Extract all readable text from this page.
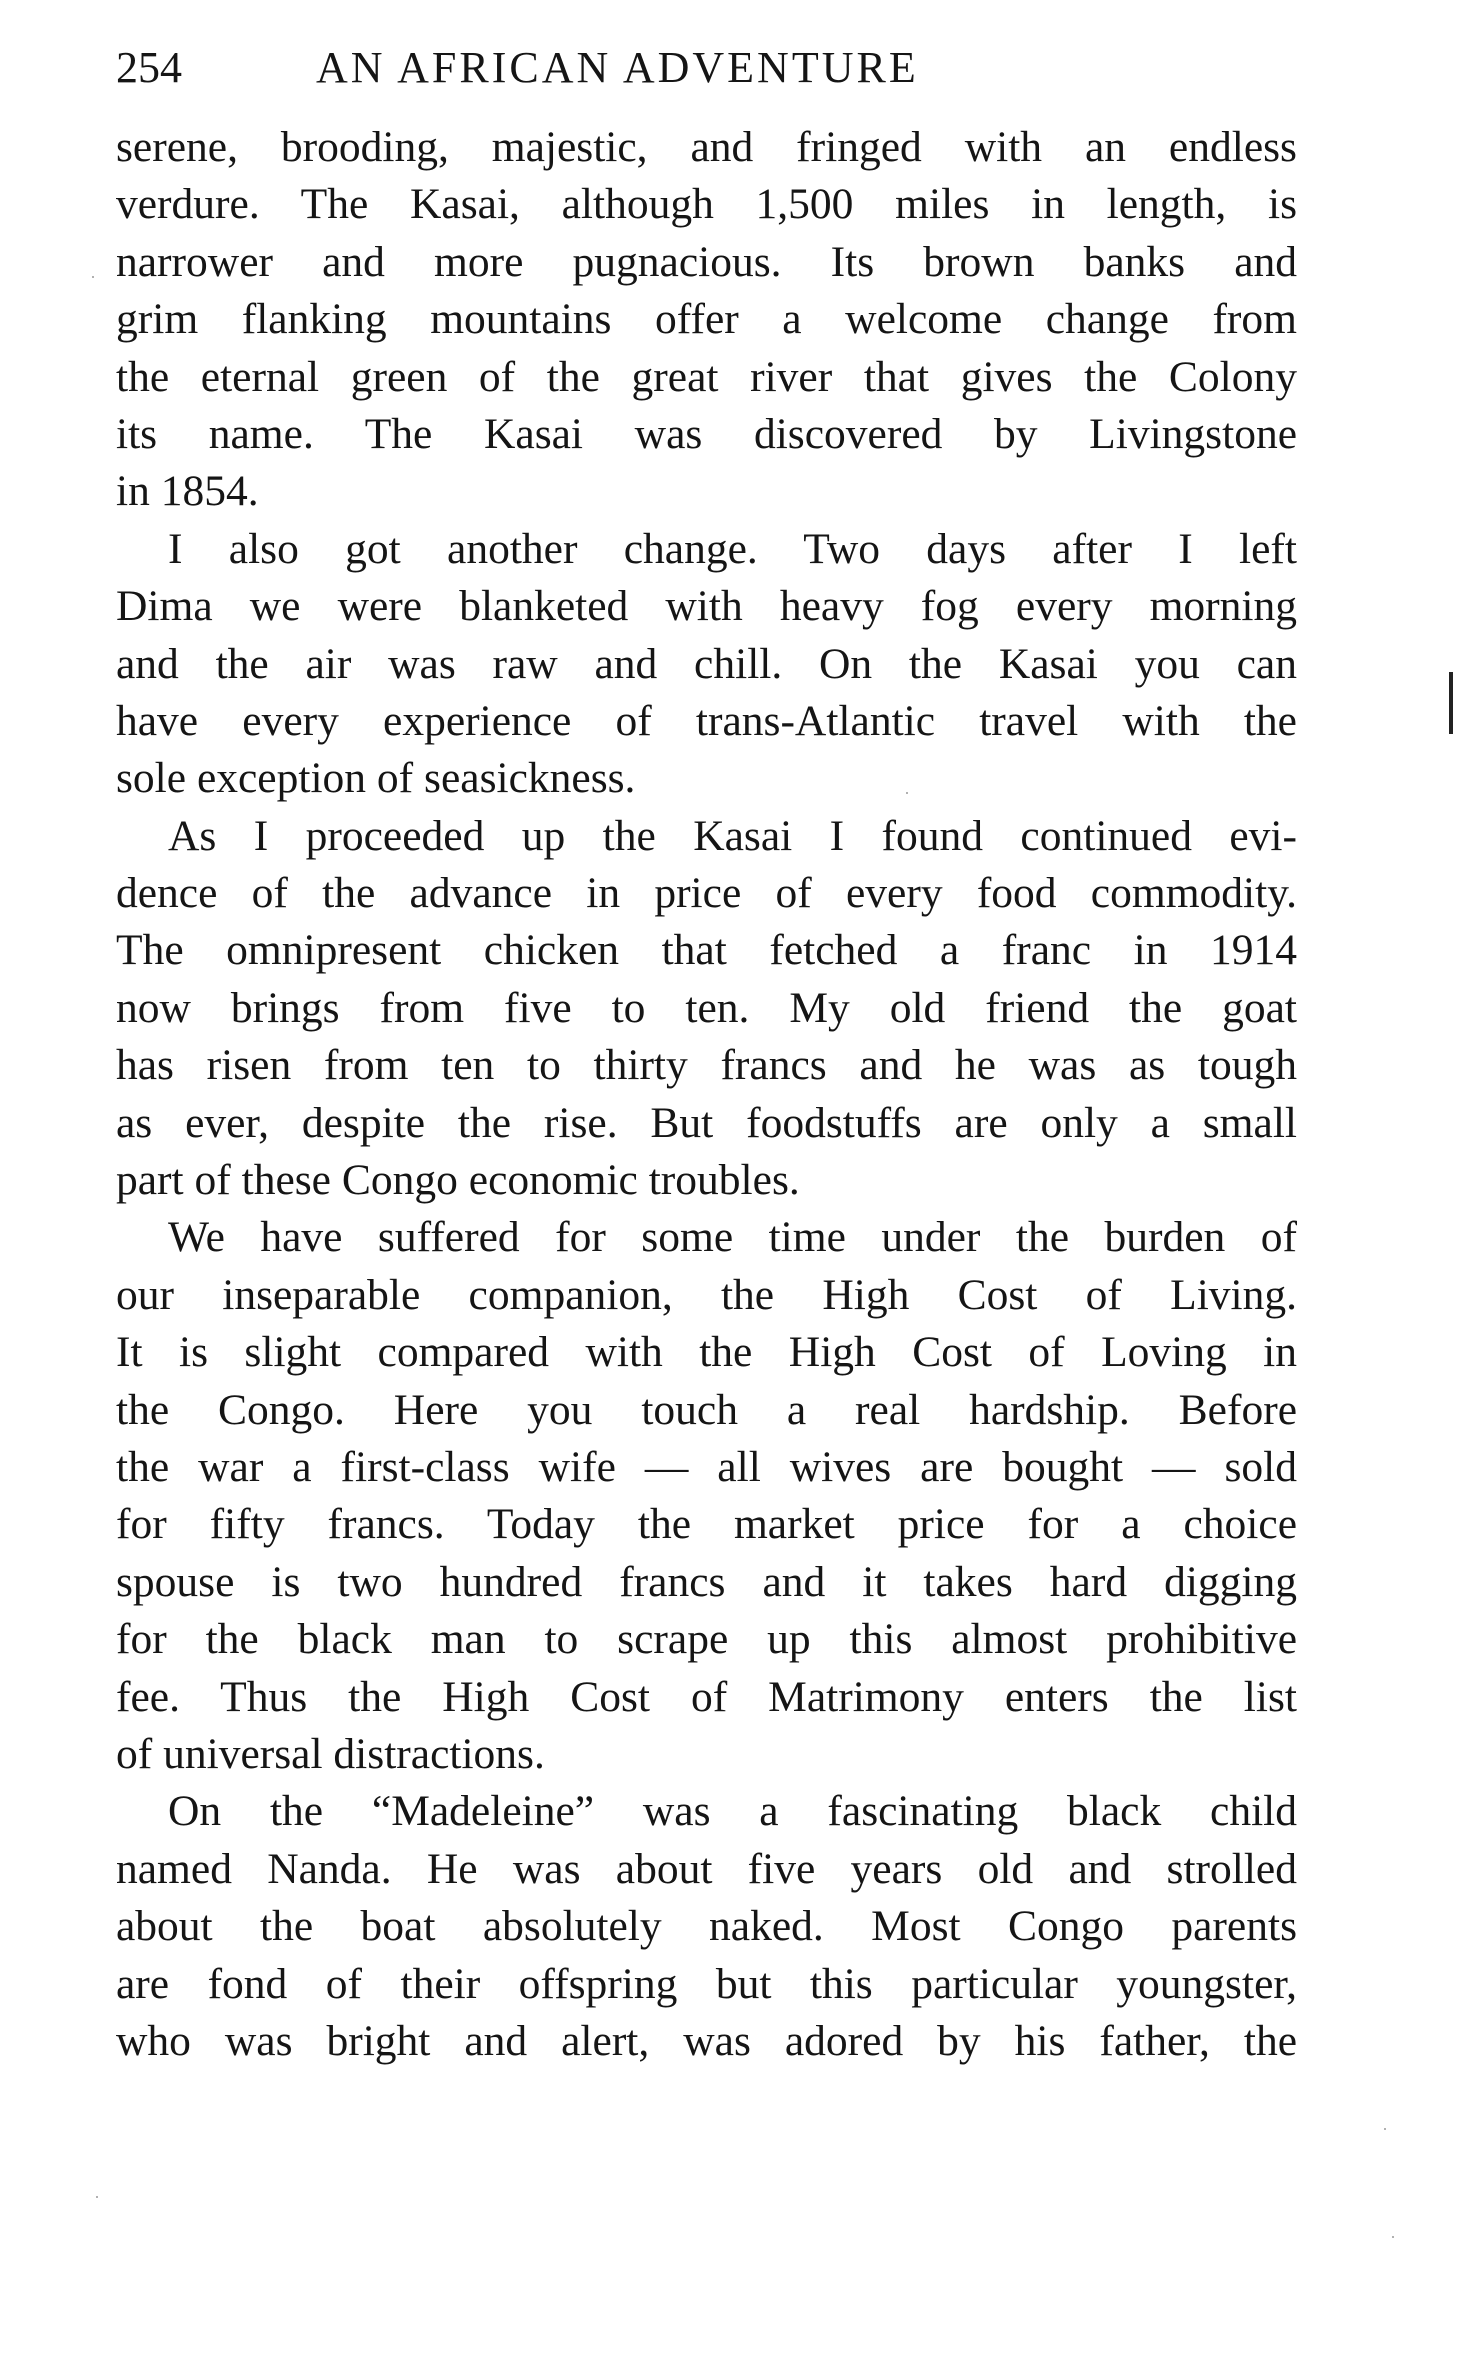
254	AN AFRICAN ADVENTURE
serene, brooding, majestic, and fringed with an endless
verdure. The Kasai, although 1,500 miles in length, is
narrower and more pugnacious. Its brown banks and
grim flanking mountains offer a welcome change from
the eternal green of the great river that gives the Colony
its name. The Kasai was discovered by Livingstone
in 1854.
I also got another change. Two days after I left
Dima we were blanketed with heavy fog every morning
and the air was raw and chill. On the Kasai you can
have every experience of trans-Atlantic travel with the
sole exception of seasickness.
As I proceeded up the Kasai I found continued evi-
dence of the advance in price of every food commodity.
The omnipresent chicken that fetched a franc in 1914
now brings from five to ten. My old friend the goat
has risen from ten to thirty francs and he was as tough
as ever, despite the rise. But foodstuffs are only a small
part of these Congo economic troubles.
We have suffered for some time under the burden of
our inseparable companion, the High Cost of Living.
It is slight compared with the High Cost of Loving in
the Congo. Here you touch a real hardship. Before
the war a first-class wife — all wives are bought — sold
for fifty francs. Today the market price for a choice
spouse is two hundred francs and it takes hard digging
for the black man to scrape up this almost prohibitive
fee. Thus the High Cost of Matrimony enters the list
of universal distractions.
On the “Madeleine” was a fascinating black child
named Nanda. He was about five years old and strolled
about the boat absolutely naked. Most Congo parents
are fond of their offspring but this particular youngster,
who was bright and alert, was adored by his father, the
